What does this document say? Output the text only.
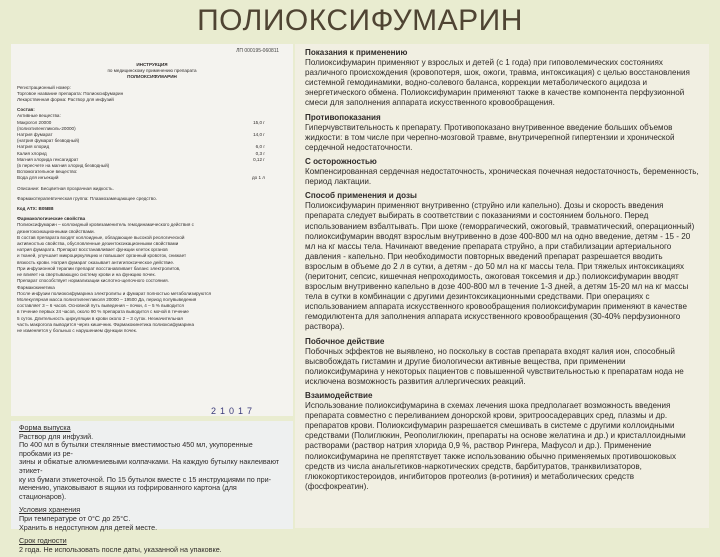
ПОЛИОКСИФУМАРИН
ЛП 000195-060811
ИНСТРУКЦИЯ
по медицинскому применению препарата
ПОЛИОКСИФУМАРИН
Регистрационный номер:
Торговое название препарата: Полиоксифумарин
Лекарственная форма: Раствор для инфузий
Состав:
Активные вещества:
Макрогол 20000	15,0 г
(полиэтиленгликоль-20000)
Натрия фумарат	14,0 г
(натрия фумарат безводный)
Натрия хлорид	6,0 г
Калия хлорид	0,3 г
Магния хлорида гексагидрат	0,12 г
(в пересчете на магния хлорид безводный)
Вспомогательное вещество:
Вода для инъекций	до 1 л
Описание: Бесцветная прозрачная жидкость.
Фармакотерапевтическая группа: Плазмозамещающее средство.
Код АТХ: В05ВВ
Фармакологические свойства
Полиоксифумарин – коллоидный кровезаменитель гемодинамического действия с
дезинтоксикационными свойствами.
В состав препарата входят коллоидные, обладающие высокой реологической
активностью свойства, обусловленные дезинтоксикационными свойствами
натрия фумарата. Препарат восстанавливает функции клеток органов
и тканей, улучшает микроциркуляцию и повышает органный кровоток, снижает
вязкость крови. Натрия фумарат оказывает антигипоксическое действие.
При инфузионной терапии препарат восстанавливает баланс электролитов,
не влияет на свертывающую систему крови и на функцию почек.
Препарат способствует нормализации кислотно-щелочного состояния.
Фармакокинетика
После инфузии полиоксифумарина электролиты и фумарат полностью метаболизируются
Молекулярная масса полиэтиленгликоля 20000 – 19500 Да, период полувыведения
составляет 3 – 6 часов. Основной путь выведения – почки, 4 – 5 % выводится
в течение первых 24 часов, около 90 % препарата выводится с мочой в течение
5 суток. Длительность циркуляции в крови около 2 – 3 суток. Незначительная
часть макрогола выводится через кишечник. Фармакокинетика полиоксифумарина
не изменяется у больных с нарушением функции почек.
21017
Форма выпуска
Раствор для инфузий.
По 400 мл в бутылки стеклянные вместимостью 450 мл, укупоренные пробками из ре-
зины и обжатые алюминиевыми колпачками. На каждую бутылку наклеивают этикет-
ку из бумаги этикеточной. По 15 бутылок вместе с 15 инструкциями по при-
менению, упаковывают в ящики из гофрированного картона (для стационаров).
Условия хранения
При температуре от 0°С до 25°С.
Хранить в недоступном для детей месте.
Срок годности
2 года. Не использовать после даты, указанной на упаковке.
Показания к применению
Полиоксифумарин применяют у взрослых и детей (с 1 года) при гиповолемических состояниях различного происхождения (кровопотеря, шок, ожоги, травма, интоксикация) с целью восстановления системной гемодинамики, водно-солевого баланса, коррекции метаболического ацидоза и энергетического обмена. Полиоксифумарин применяют также в качестве компонента перфузионной смеси для заполнения аппарата искусственного кровообращения.
Противопоказания
Гиперчувствительность к препарату. Противопоказано внутривенное введение больших объемов жидкости: в том числе при черепно-мозговой травме, внутричерепной гипертензии и хронической сердечной недостаточности.
С осторожностью
Компенсированная сердечная недостаточность, хроническая почечная недостаточность, беременность, период лактации.
Способ применения и дозы
Полиоксифумарин применяют внутривенно (струйно или капельно). Дозы и скорость введения препарата следует выбирать в соответствии с показаниями и состоянием больного. Перед использованием взбалтывать. При шоке (геморрагический, ожоговый, травматический, операционный) полиоксифумарин вводят взрослым внутривенно в дозе 400-800 мл на одно введение, детям - 15 - 20 мл на кг массы тела. Начинают введение препарата струйно, а при стабилизации артериального давления - капельно. При необходимости повторных введений препарат разрешается вводить взрослым в объеме до 2 л в сутки, а детям - до 50 мл на кг массы тела. При тяжелых интоксикациях (перитонит, сепсис, кишечная непроходимость, ожоговая токсемия и др.) полиоксифумарин вводят взрослым внутривенно капельно в дозе 400-800 мл в течение 1-3 дней, а детям 15-20 мл на кг массы тела в сутки в комбинации с другими дезинтоксикационными средствами. При операциях с использованием аппарата искусственного кровообращения полиоксифумарин применяют в качестве гемодилютента для заполнения аппарата искусственного кровообращения (30-40% перфузионного раствора).
Побочное действие
Побочных эффектов не выявлено, но поскольку в состав препарата входят калия ион, способный высвобождать гистамин и другие биологически активные вещества, при применении полиоксифумарина у некоторых пациентов с повышенной чувствительностью к препаратам нода не исключена возможность развития аллергических реакций.
Взаимодействие
Использование полиоксифумарина в схемах лечения шока предполагает возможность введения препарата совместно с переливанием донорской крови, эритроосадеравцих сред, плазмы и др. препаратов крови. Полиоксифумарин разрешается смешивать в системе с другими коллоидными средствами (Полиглюкин, Реополиглюкин, препараты на основе желатина и др.) и кристаллоидными растворами (раствор натрия хлорида 0,9 %, раствор Рингера, Мафусол и др.). Применение полиоксифумарина не препятствует также использованию обычно применяемых противошоковых средств из числа анальгетиков-наркотических средств, барбитуратов, транквилизаторов, глюкокортикостероидов, ингибиторов протеолиз (в-ротиния) и метаболических средств (фосфокреатин).
